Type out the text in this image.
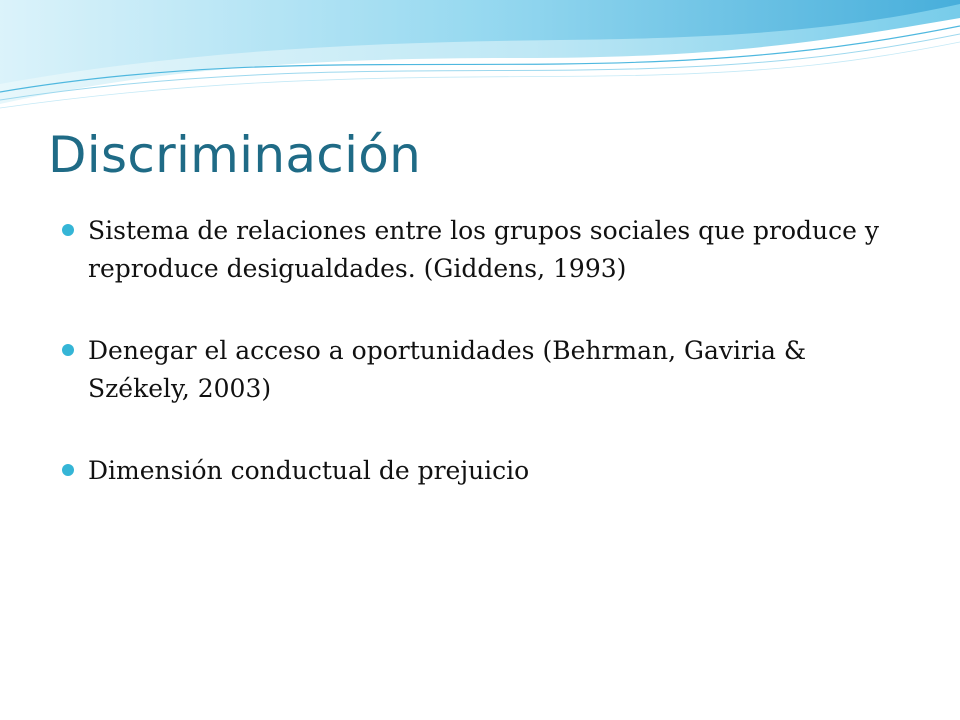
Discriminación
Sistema de relaciones entre los grupos sociales que produce y reproduce desigualdades. (Giddens, 1993)
Denegar el acceso a oportunidades (Behrman, Gaviria & Székely, 2003)
Dimensión conductual de prejuicio
